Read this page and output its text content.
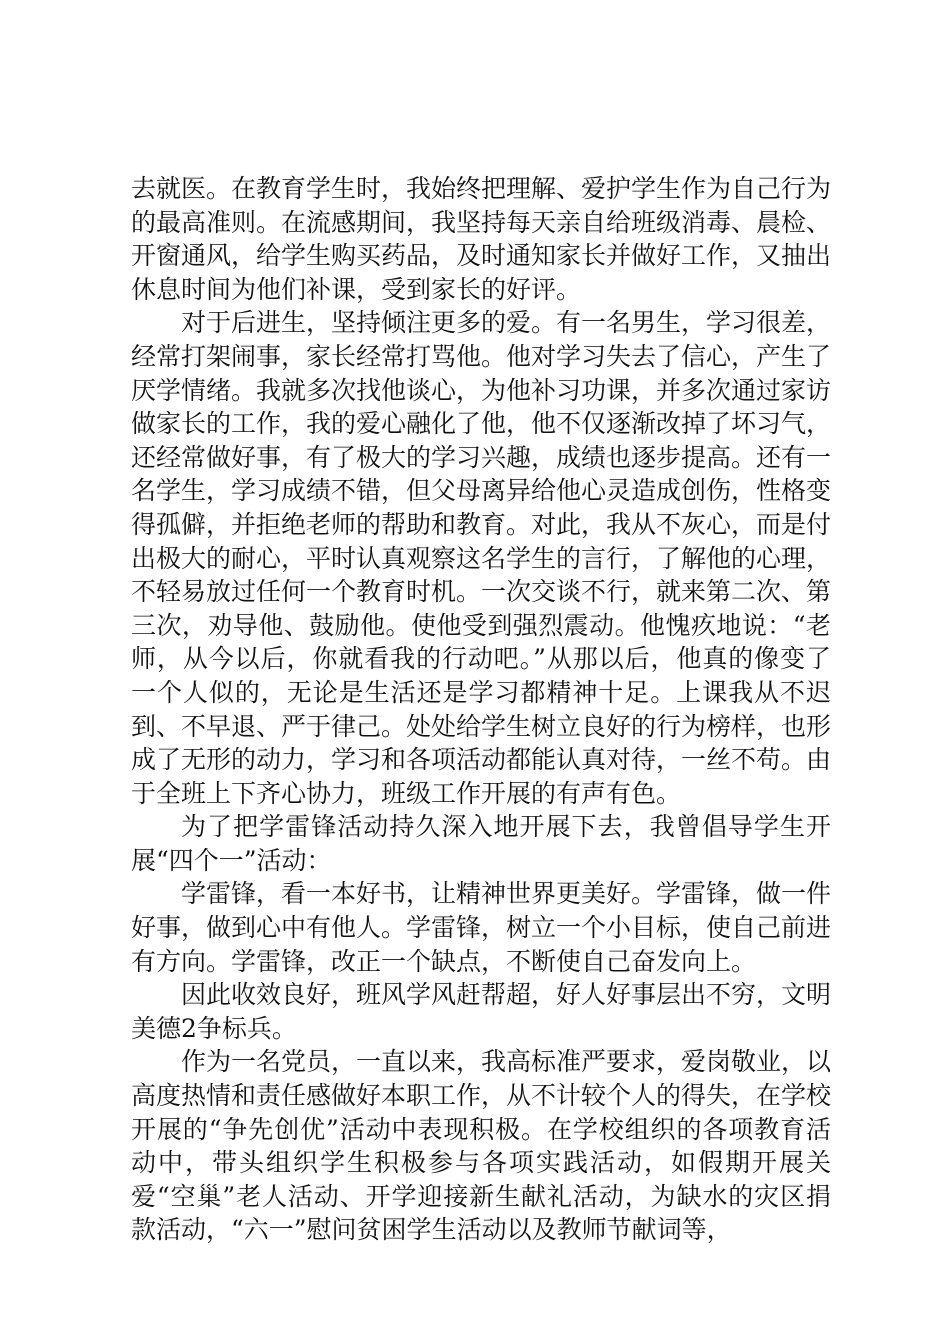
去就医。在教育学生时，我始终把理解、爱护学生作为自己行为的最高准则。在流感期间，我坚持每天亲自给班级消毒、晨检、开窗通风，给学生购买药品，及时通知家长并做好工作，又抽出休息时间为他们补课，受到家长的好评。

对于后进生，坚持倾注更多的爱。有一名男生，学习很差，经常打架闹事，家长经常打骂他。他对学习失去了信心，产生了厌学情绪。我就多次找他谈心，为他补习功课，并多次通过家访做家长的工作，我的爱心融化了他，他不仅逐渐改掉了坏习气，还经常做好事，有了极大的学习兴趣，成绩也逐步提高。还有一名学生，学习成绩不错，但父母离异给他心灵造成创伤，性格变得孤僻，并拒绝老师的帮助和教育。对此，我从不灰心，而是付出极大的耐心，平时认真观察这名学生的言行，了解他的心理，不轻易放过任何一个教育时机。一次交谈不行，就来第二次、第三次，劝导他、鼓励他。使他受到强烈震动。他愧疚地说：“老师，从今以后，你就看我的行动吧。”从那以后，他真的像变了一个人似的，无论是生活还是学习都精神十足。上课我从不迟到、不早退、严于律己。处处给学生树立良好的行为榜样，也形成了无形的动力，学习和各项活动都能认真对待，一丝不苟。由于全班上下齐心协力，班级工作开展的有声有色。

为了把学雷锋活动持久深入地开展下去，我曾倡导学生开展“四个一”活动：

学雷锋，看一本好书，让精神世界更美好。学雷锋，做一件好事，做到心中有他人。学雷锋，树立一个小目标，使自己前进有方向。学雷锋，改正一个缺点，不断使自己奋发向上。

因此收效良好，班风学风赶帮超，好人好事层出不穷，文明美德2争标兵。

作为一名党员，一直以来，我高标准严要求，爱岗敬业，以高度热情和责任感做好本职工作，从不计较个人的得失，在学校开展的“争先创优”活动中表现积极。在学校组织的各项教育活动中，带头组织学生积极参与各项实践活动，如假期开展关爱“空巢”老人活动、开学迎接新生献礼活动，为缺水的灾区捐款活动，“六一”慰问贫困学生活动以及教师节献词等，
